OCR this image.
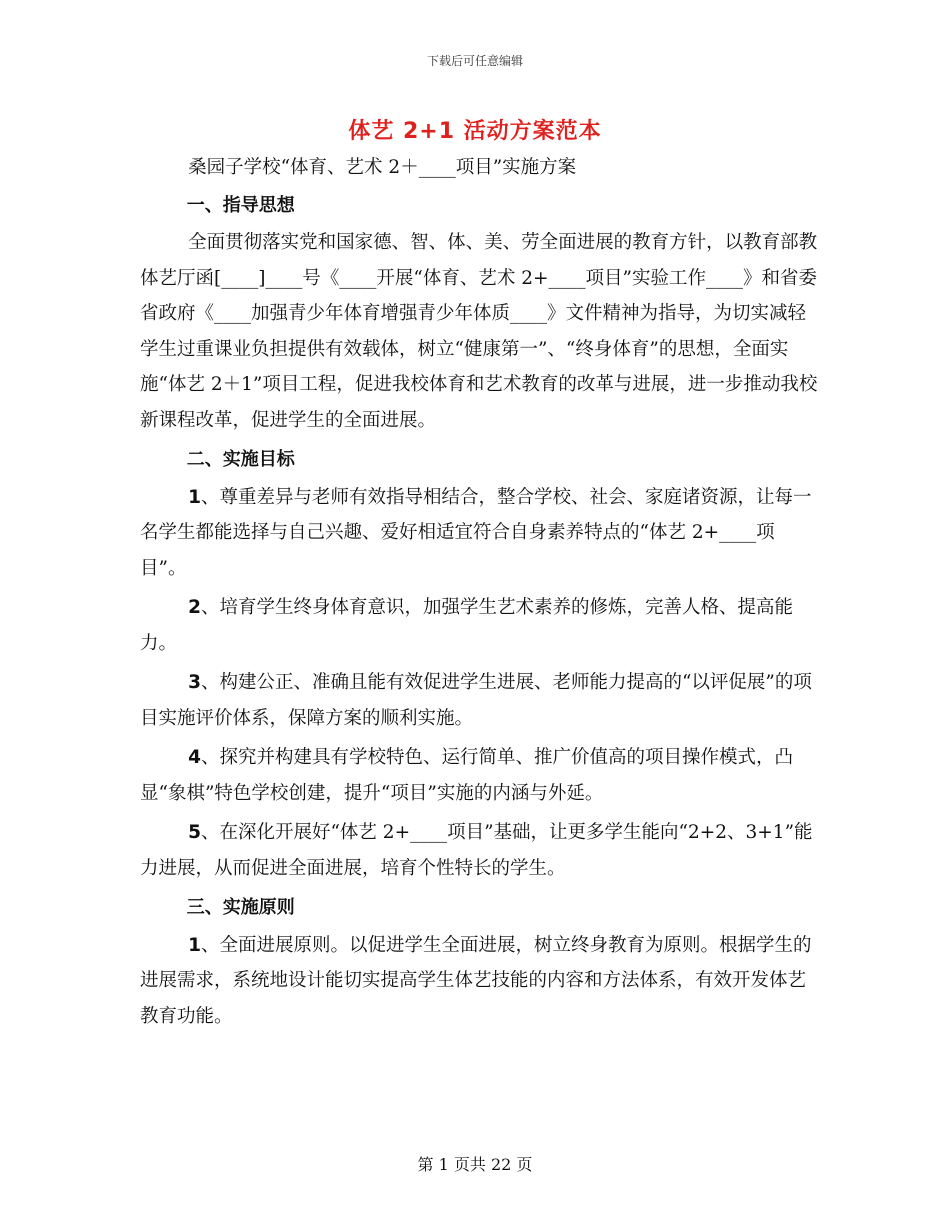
下载后可任意编辑
体艺 2+1 活动方案范本

桑园子学校“体育、艺术 2＋____项目”实施方案

一、指导思想

全面贯彻落实党和国家德、智、体、美、劳全面进展的教育方针，以教育部教体艺厅函[____]____号《____开展“体育、艺术 2+____项目”实验工作____》和省委省政府《____加强青少年体育增强青少年体质____》文件精神为指导，为切实减轻学生过重课业负担提供有效载体，树立“健康第一”、“终身体育”的思想，全面实施“体艺 2＋1”项目工程，促进我校体育和艺术教育的改革与进展，进一步推动我校新课程改革，促进学生的全面进展。

二、实施目标

1、尊重差异与老师有效指导相结合，整合学校、社会、家庭诸资源，让每一名学生都能选择与自己兴趣、爱好相适宜符合自身素养特点的“体艺 2+____项目”。

2、培育学生终身体育意识，加强学生艺术素养的修炼，完善人格、提高能力。

3、构建公正、准确且能有效促进学生进展、老师能力提高的“以评促展”的项目实施评价体系，保障方案的顺利实施。

4、探究并构建具有学校特色、运行简单、推广价值高的项目操作模式，凸显“象棋”特色学校创建，提升“项目”实施的内涵与外延。

5、在深化开展好“体艺 2+____项目”基础，让更多学生能向“2+2、3+1”能力进展，从而促进全面进展，培育个性特长的学生。

三、实施原则

1、全面进展原则。以促进学生全面进展，树立终身教育为原则。根据学生的进展需求，系统地设计能切实提高学生体艺技能的内容和方法体系，有效开发体艺教育功能。

第 1 页共 22 页
